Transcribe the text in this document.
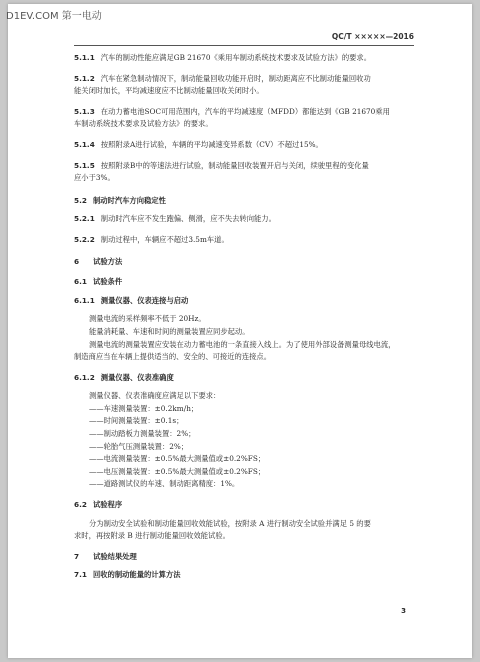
QC/T ×××××—2016
5.1.1 汽车的制动性能应满足GB 21670《乘用车制动系统技术要求及试验方法》的要求。
5.1.2 汽车在紧急制动情况下，制动能量回收功能开启时，制动距离应不比制动能量回收功
能关闭时加长，平均减速度应不比制动能量回收关闭时小。
5.1.3 在动力蓄电池SOC可用范围内，汽车的平均减速度（MFDD）都能达到《GB 21670乘用
车制动系统技术要求及试验方法》的要求。
5.1.4 按照附录A进行试验，车辆的平均减速变异系数（CV）不超过15%。
5.1.5 按照附录B中的等速法进行试验，制动能量回收装置开启与关闭，续驶里程的变化量
应小于3%。
5.2 制动时汽车方向稳定性
5.2.1 制动时汽车应不发生跑偏、侧滑，应不失去转向能力。
5.2.2 制动过程中，车辆应不超过3.5m车道。
6 试验方法
6.1 试验条件
6.1.1 测量仪器、仪表连接与启动
测量电流的采样频率不低于 20Hz。
能量消耗量、车速和时间的测量装置应同步起动。
测量电流的测量装置应安装在动力蓄电池的一条直接入线上。为了使用外部设备测量母线电流，
制造商应当在车辆上提供适当的、安全的、可接近的连接点。
6.1.2 测量仪器、仪表准确度
测量仪器、仪表准确度应满足以下要求：
——车速测量装置：±0.2km/h；
——时间测量装置：±0.1s；
——制动踏板力测量装置：2%；
——轮胎气压测量装置：2%；
——电流测量装置：±0.5%最大测量值或±0.2%FS；
——电压测量装置：±0.5%最大测量值或±0.2%FS；
——道路测试仪的车速、制动距离精度：1%。
6.2 试验程序
分为制动安全试验和制动能量回收效能试验，按附录 A 进行制动安全试验并满足 5 的要
求时，再按附录 B 进行制动能量回收效能试验。
7 试验结果处理
7.1 回收的制动能量的计算方法
3
D1EV.COM 第一电动
